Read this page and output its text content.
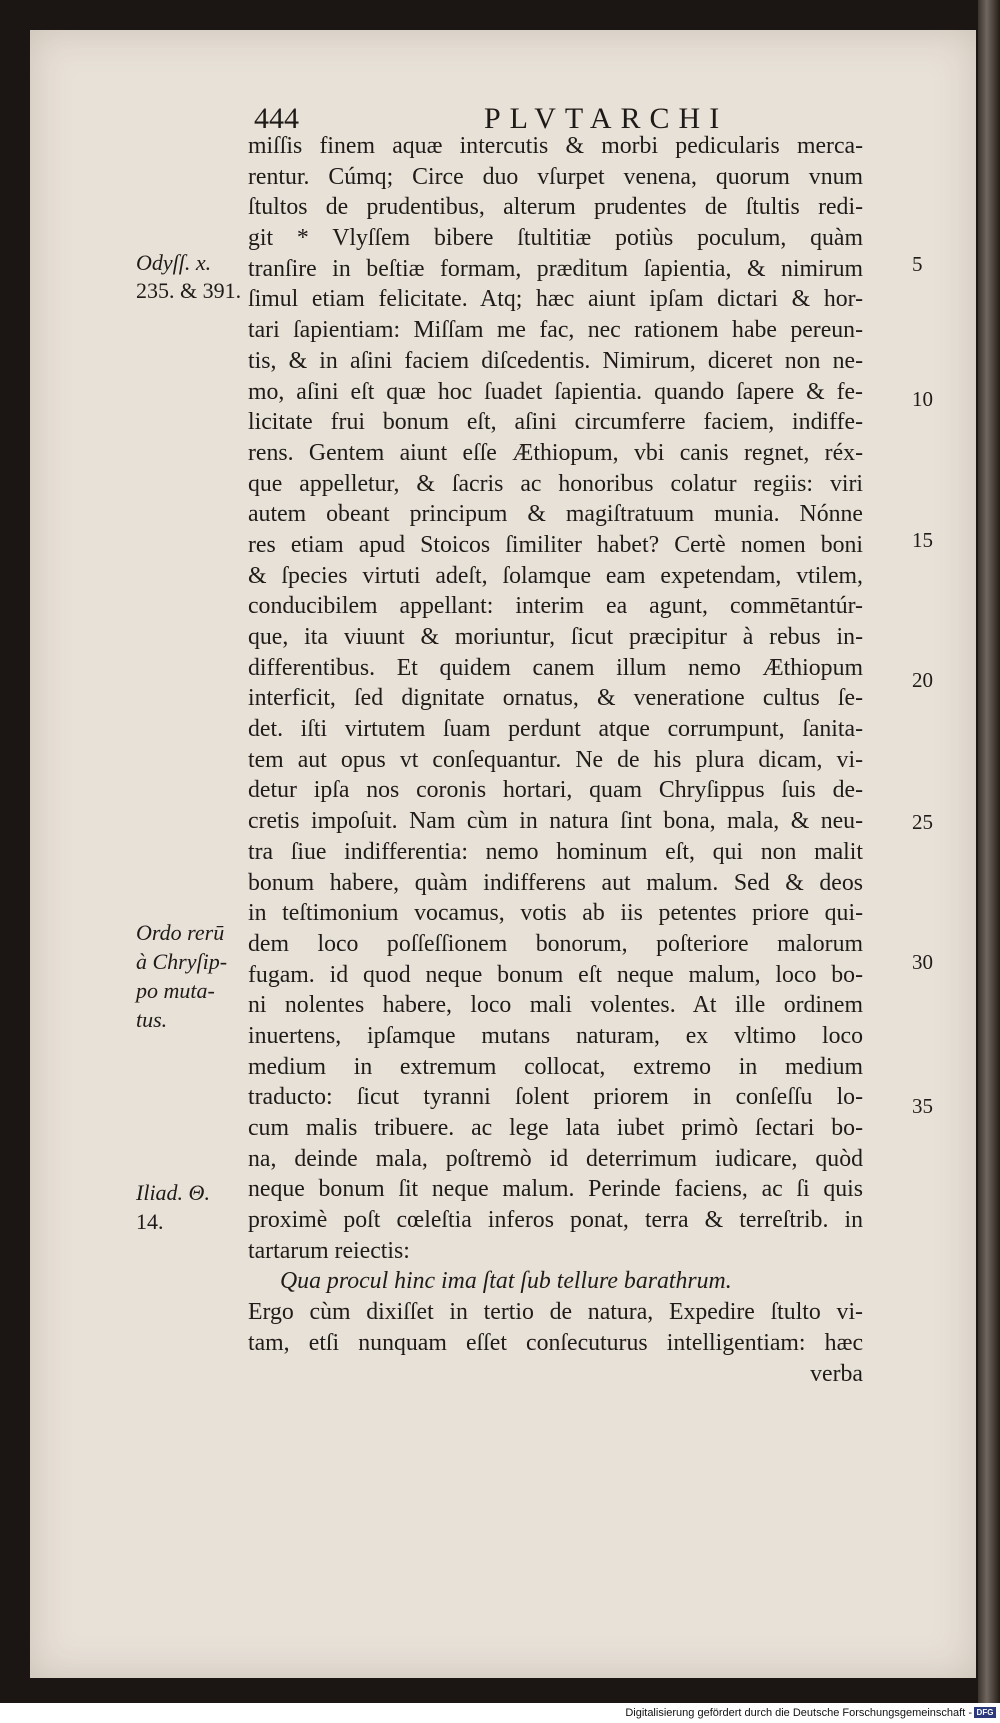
444	PLVTARCHI
miſſis finem aquæ intercutis & morbi pedicularis merca-
rentur. Cúmq; Circe duo vſurpet venena, quorum vnum
ſtultos de prudentibus, alterum prudentes de ſtultis redi-
git * Vlyſſem bibere ſtultitiæ potiùs poculum, quàm
tranſire in beſtiæ formam, præditum ſapientia, & nimirum
ſimul etiam felicitate. Atq; hæc aiunt ipſam dictari & hor-
tari ſapientiam: Miſſam me fac, nec rationem habe pereun-
tis, & in aſini faciem diſcedentis. Nimirum, diceret non ne-
mo, aſini eſt quæ hoc ſuadet ſapientia. quando ſapere & fe-
licitate frui bonum eſt, aſini circumferre faciem, indiffe-
rens. Gentem aiunt eſſe Æthiopum, vbi canis regnet, réx-
que appelletur, & ſacris ac honoribus colatur regiis: viri
autem obeant principum & magiſtratuum munia. Nónne
res etiam apud Stoicos ſimiliter habet? Certè nomen boni
& ſpecies virtuti adeſt, ſolamque eam expetendam, vtilem,
conducibilem appellant: interim ea agunt, commētantúr-
que, ita viuunt & moriuntur, ſicut præcipitur à rebus in-
differentibus. Et quidem canem illum nemo Æthiopum
interficit, ſed dignitate ornatus, & veneratione cultus ſe-
det. iſti virtutem ſuam perdunt atque corrumpunt, ſanita-
tem aut opus vt conſequantur. Ne de his plura dicam, vi-
detur ipſa nos coronis hortari, quam Chryſippus ſuis de-
cretis impoſuit. Nam cùm in natura ſint bona, mala, & neu-
tra ſiue indifferentia: nemo hominum eſt, qui non malit
bonum habere, quàm indifferens aut malum. Sed & deos
in teſtimonium vocamus, votis ab iis petentes priore qui-
dem loco poſſeſſionem bonorum, poſteriore malorum
fugam. id quod neque bonum eſt neque malum, loco bo-
ni nolentes habere, loco mali volentes. At ille ordinem
inuertens, ipſamque mutans naturam, ex vltimo loco
medium in extremum collocat, extremo in medium
traducto: ſicut tyranni ſolent priorem in conſeſſu lo-
cum malis tribuere. ac lege lata iubet primò ſectari bo-
na, deinde mala, poſtremò id deterrimum iudicare, quòd
neque bonum ſit neque malum. Perinde faciens, ac ſi quis
proximè poſt cœleſtia inferos ponat, terra & terreſtrib. in
tartarum reiectis:
Qua procul hinc ima ſtat ſub tellure barathrum.
Ergo cùm dixiſſet in tertio de natura, Expedire ſtulto vi-
tam, etſi nunquam eſſet conſecuturus intelligentiam: hæc
verba
Odyſſ. x.
235. & 391.
Ordo rerū
à Chryſip-
po muta-
tus.
Iliad. Θ.
14.
5
10
15
20
25
30
35
Digitalisierung gefördert durch die Deutsche Forschungsgemeinschaft - DFG
